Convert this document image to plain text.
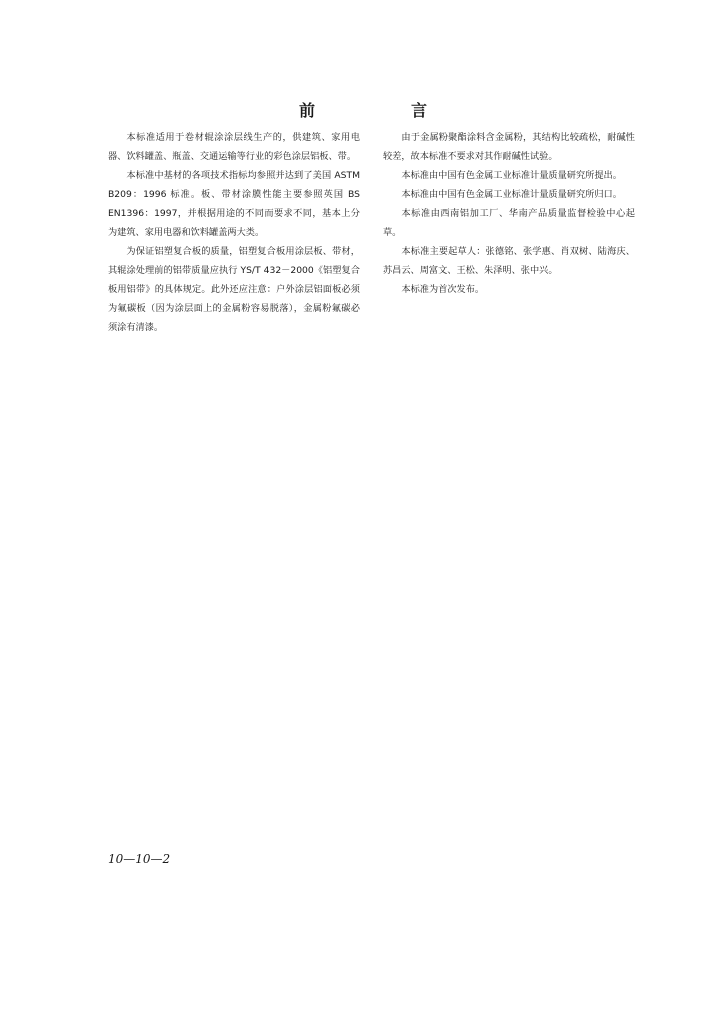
前　言

本标准适用于卷材辊涂涂层线生产的，供建筑、家用电器、饮料罐盖、瓶盖、交通运输等行业的彩色涂层铝板、带。

本标准中基材的各项技术指标均参照并达到了美国 ASTM B209：1996 标准。板、带材涂膜性能主要参照英国 BS EN1396：1997，并根据用途的不同而要求不同，基本上分为建筑、家用电器和饮料罐盖两大类。

为保证铝塑复合板的质量，铝塑复合板用涂层板、带材，其辊涂处理前的铝带质量应执行 YS/T 432－2000《铝塑复合板用铝带》的具体规定。此外还应注意：户外涂层铝面板必须为氟碳板（因为涂层面上的金属粉容易脱落），金属粉氟碳必须涂有清漆。

由于金属粉聚酯涂料含金属粉，其结构比较疏松，耐碱性较差，故本标准不要求对其作耐碱性试验。

本标准由中国有色金属工业标准计量质量研究所提出。

本标准由中国有色金属工业标准计量质量研究所归口。

本标准由西南铝加工厂、华南产品质量监督检验中心起草。

本标准主要起草人：张德铭、张学惠、肖双树、陆海庆、苏昌云、周富文、王松、朱泽明、张中兴。

本标准为首次发布。

10—10—2
